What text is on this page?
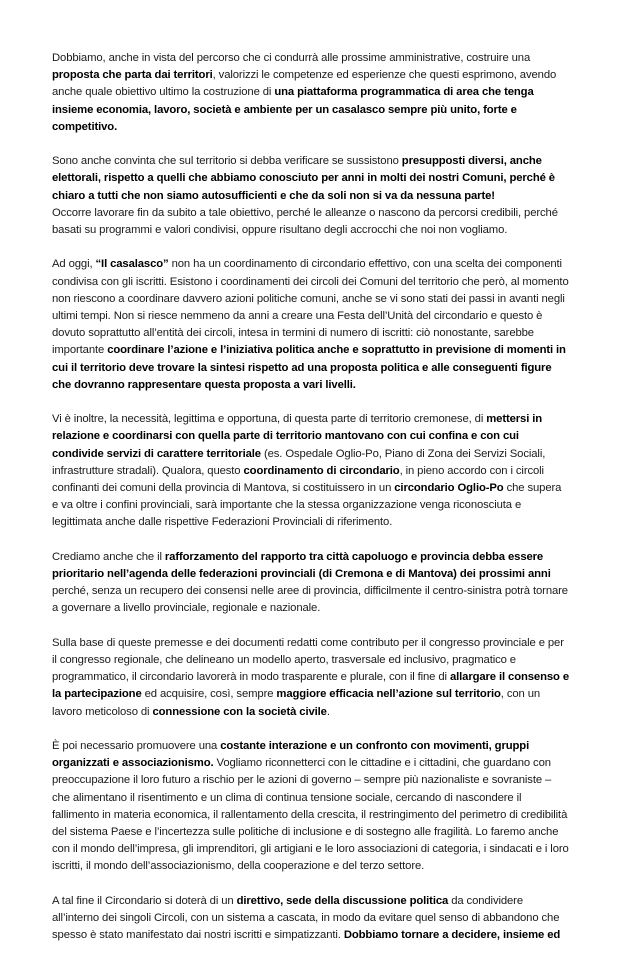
Dobbiamo, anche in vista del percorso che ci condurrà alle prossime amministrative, costruire una proposta che parta dai territori, valorizzi le competenze ed esperienze che questi esprimono, avendo anche quale obiettivo ultimo la costruzione di una piattaforma programmatica di area che tenga insieme economia, lavoro, società e ambiente per un casalasco sempre più unito, forte e competitivo.

Sono anche convinta che sul territorio si debba verificare se sussistono presupposti diversi, anche elettorali, rispetto a quelli che abbiamo conosciuto per anni in molti dei nostri Comuni, perché è chiaro a tutti che non siamo autosufficienti e che da soli non si va da nessuna parte!

Occorre lavorare fin da subito a tale obiettivo, perché le alleanze o nascono da percorsi credibili, perché basati su programmi e valori condivisi, oppure risultano degli accrocchi che noi non vogliamo.

Ad oggi, “Il casalasco” non ha un coordinamento di circondario effettivo, con una scelta dei componenti condivisa con gli iscritti. Esistono i coordinamenti dei circoli dei Comuni del territorio che però, al momento non riescono a coordinare davvero azioni politiche comuni, anche se vi sono stati dei passi in avanti negli ultimi tempi. Non si riesce nemmeno da anni a creare una Festa dell’Unità del circondario e questo è dovuto soprattutto all’entità dei circoli, intesa in termini di numero di iscritti: ciò nonostante, sarebbe importante coordinare l’azione e l’iniziativa politica anche e soprattutto in previsione di momenti in cui il territorio deve trovare la sintesi rispetto ad una proposta politica e alle conseguenti figure che dovranno rappresentare questa proposta a vari livelli.

Vi è inoltre, la necessità, legittima e opportuna, di questa parte di territorio cremonese, di mettersi in relazione e coordinarsi con quella parte di territorio mantovano con cui confina e con cui condivide servizi di carattere territoriale (es. Ospedale Oglio-Po, Piano di Zona dei Servizi Sociali, infrastrutture stradali). Qualora, questo coordinamento di circondario, in pieno accordo con i circoli confinanti dei comuni della provincia di Mantova, si costituissero in un circondario Oglio-Po che supera e va oltre i confini provinciali, sarà importante che la stessa organizzazione venga riconosciuta e legittimata anche dalle rispettive Federazioni Provinciali di riferimento.

Crediamo anche che il rafforzamento del rapporto tra città capoluogo e provincia debba essere prioritario nell’agenda delle federazioni provinciali (di Cremona e di Mantova) dei prossimi anni perché, senza un recupero dei consensi nelle aree di provincia, difficilmente il centro-sinistra potrà tornare a governare a livello provinciale, regionale e nazionale.

Sulla base di queste premesse e dei documenti redatti come contributo per il congresso provinciale e per il congresso regionale, che delineano un modello aperto, trasversale ed inclusivo, pragmatico e programmatico, il circondario lavorerà in modo trasparente e plurale, con il fine di allargare il consenso e la partecipazione ed acquisire, così, sempre maggiore efficacia nell’azione sul territorio, con un lavoro meticoloso di connessione con la società civile.

È poi necessario promuovere una costante interazione e un confronto con movimenti, gruppi organizzati e associazionismo. Vogliamo riconnetterci con le cittadine e i cittadini, che guardano con preoccupazione il loro futuro a rischio per le azioni di governo – sempre più nazionaliste e sovraniste – che alimentano il risentimento e un clima di continua tensione sociale, cercando di nascondere il fallimento in materia economica, il rallentamento della crescita, il restringimento del perimetro di credibilità del sistema Paese e l’incertezza sulle politiche di inclusione e di sostegno alle fragilità. Lo faremo anche con il mondo dell’impresa, gli imprenditori, gli artigiani e le loro associazioni di categoria, i sindacati e i loro iscritti, il mondo dell’associazionismo, della cooperazione e del terzo settore.

A tal fine il Circondario si doterà di un direttivo, sede della discussione politica da condividere all’interno dei singoli Circoli, con un sistema a cascata, in modo da evitare quel senso di abbandono che spesso è stato manifestato dai nostri iscritti e simpatizzanti. Dobbiamo tornare a decidere, insieme ed
